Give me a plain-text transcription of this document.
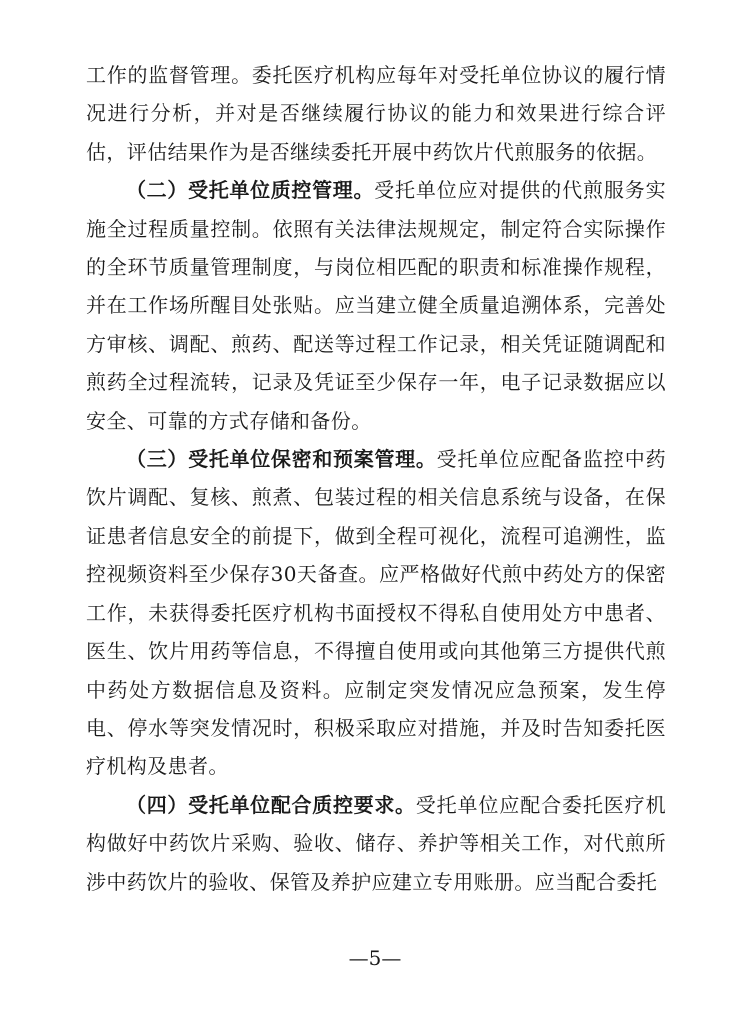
工作的监督管理。委托医疗机构应每年对受托单位协议的履行情况进行分析，并对是否继续履行协议的能力和效果进行综合评估，评估结果作为是否继续委托开展中药饮片代煎服务的依据。

（二）受托单位质控管理。受托单位应对提供的代煎服务实施全过程质量控制。依照有关法律法规规定，制定符合实际操作的全环节质量管理制度，与岗位相匹配的职责和标准操作规程，并在工作场所醒目处张贴。应当建立健全质量追溯体系，完善处方审核、调配、煎药、配送等过程工作记录，相关凭证随调配和煎药全过程流转，记录及凭证至少保存一年，电子记录数据应以安全、可靠的方式存储和备份。

（三）受托单位保密和预案管理。受托单位应配备监控中药饮片调配、复核、煎煮、包装过程的相关信息系统与设备，在保证患者信息安全的前提下，做到全程可视化，流程可追溯性，监控视频资料至少保存30天备查。应严格做好代煎中药处方的保密工作，未获得委托医疗机构书面授权不得私自使用处方中患者、医生、饮片用药等信息，不得擅自使用或向其他第三方提供代煎中药处方数据信息及资料。应制定突发情况应急预案，发生停电、停水等突发情况时，积极采取应对措施，并及时告知委托医疗机构及患者。

（四）受托单位配合质控要求。受托单位应配合委托医疗机构做好中药饮片采购、验收、储存、养护等相关工作，对代煎所涉中药饮片的验收、保管及养护应建立专用账册。应当配合委托

—5—
